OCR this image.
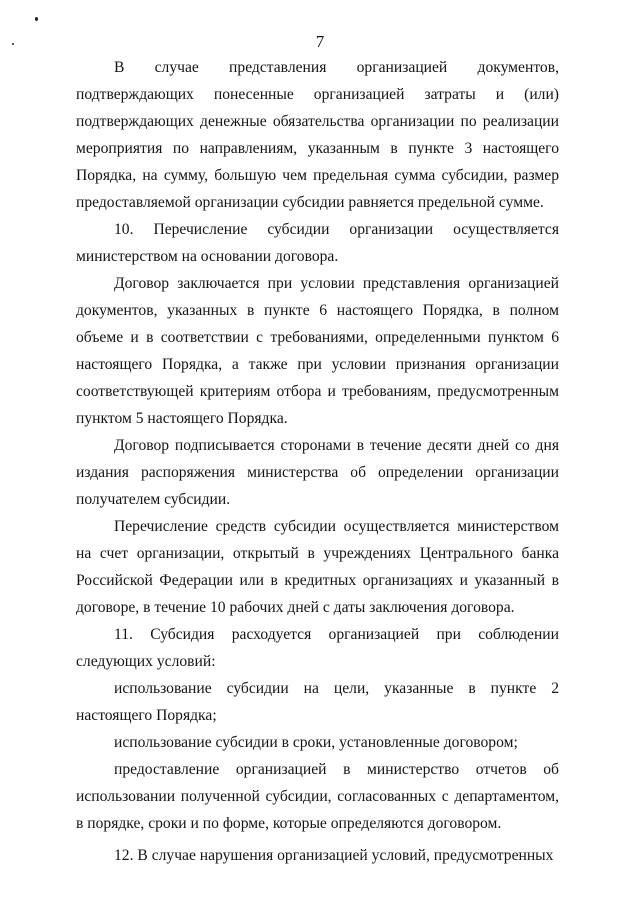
7

В случае представления организацией документов, подтверждающих понесенные организацией затраты и (или) подтверждающих денежные обязательства организации по реализации мероприятия по направлениям, указанным в пункте 3 настоящего Порядка, на сумму, большую чем предельная сумма субсидии, размер предоставляемой организации субсидии равняется предельной сумме.

10. Перечисление субсидии организации осуществляется министерством на основании договора.

Договор заключается при условии представления организацией документов, указанных в пункте 6 настоящего Порядка, в полном объеме и в соответствии с требованиями, определенными пунктом 6 настоящего Порядка, а также при условии признания организации соответствующей критериям отбора и требованиям, предусмотренным пунктом 5 настоящего Порядка.

Договор подписывается сторонами в течение десяти дней со дня издания распоряжения министерства об определении организации получателем субсидии.

Перечисление средств субсидии осуществляется министерством на счет организации, открытый в учреждениях Центрального банка Российской Федерации или в кредитных организациях и указанный в договоре, в течение 10 рабочих дней с даты заключения договора.

11. Субсидия расходуется организацией при соблюдении следующих условий:

использование субсидии на цели, указанные в пункте 2 настоящего Порядка;

использование субсидии в сроки, установленные договором;

предоставление организацией в министерство отчетов об использовании полученной субсидии, согласованных с департаментом, в порядке, сроки и по форме, которые определяются договором.

12. В случае нарушения организацией условий, предусмотренных
